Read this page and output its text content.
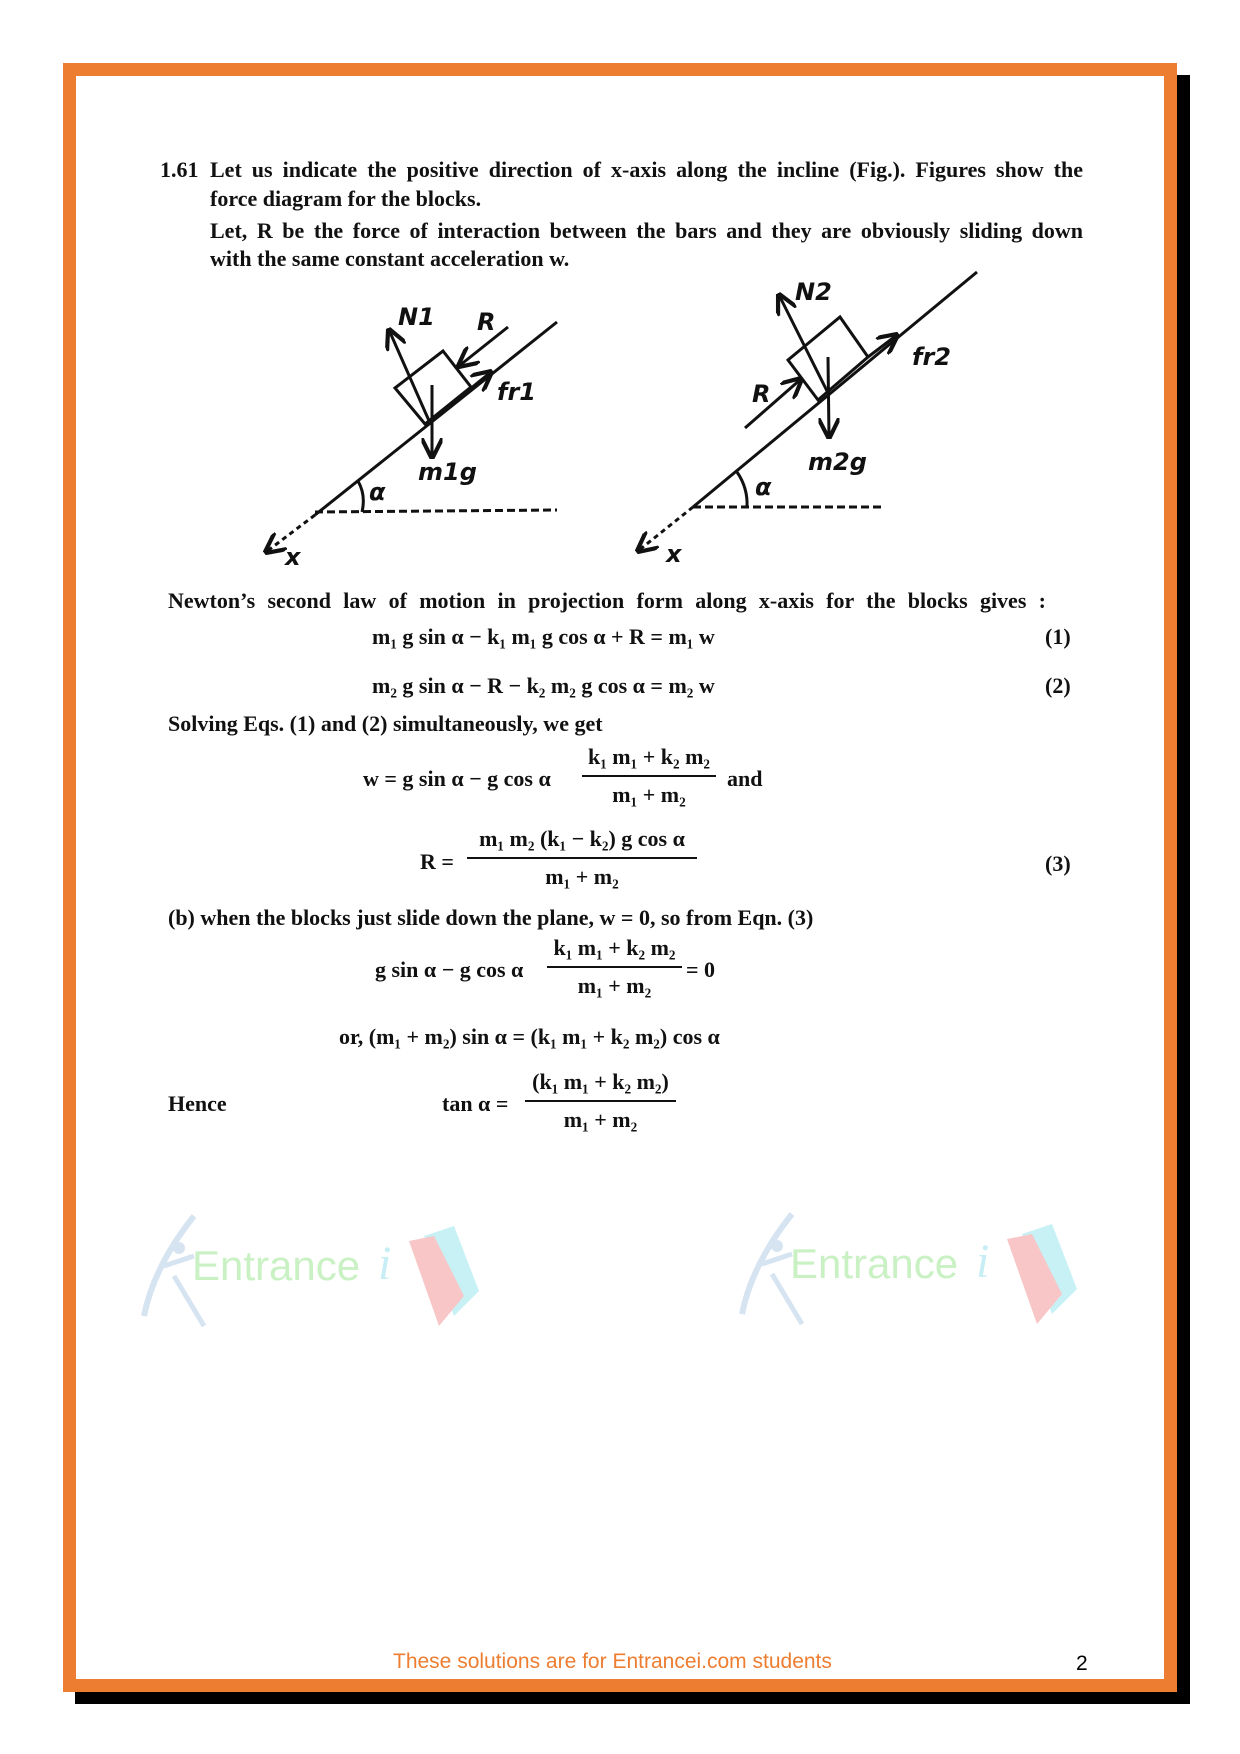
1.61 Let us indicate the positive direction of x-axis along the incline (Fig.). Figures show the
force diagram for the blocks.
Let, R be the force of interaction between the bars and they are obviously sliding down
with the same constant acceleration w.
Entrance i	Entrance i
N1 R
fr1
m1g
α
x
N2
R
fr2
m2g
α
x
Newton’s second law of motion in projection form along x-axis for the blocks gives :
m₁ g sin α − k₁ m₁ g cos α + R = m₁ w	(1)
m₂ g sin α − R − k₂ m₂ g cos α = m₂ w	(2)
Solving Eqs. (1) and (2) simultaneously, we get
w = g sin α − g cos α
k₁ m₁ + k₂ m₂
m₁ + m₂
and
R =
m₁ m₂ (k₁ − k₂) g cos α
m₁ + m₂
(3)
(b) when the blocks just slide down the plane, w = 0, so from Eqn. (3)
g sin α − g cos α
k₁ m₁ + k₂ m₂
m₁ + m₂
= 0
or, (m₁ + m₂) sin α = (k₁ m₁ + k₂ m₂) cos α
Hence	tan α =
(k₁ m₁ + k₂ m₂)
m₁ + m₂
These solutions are for Entrancei.com students	2
